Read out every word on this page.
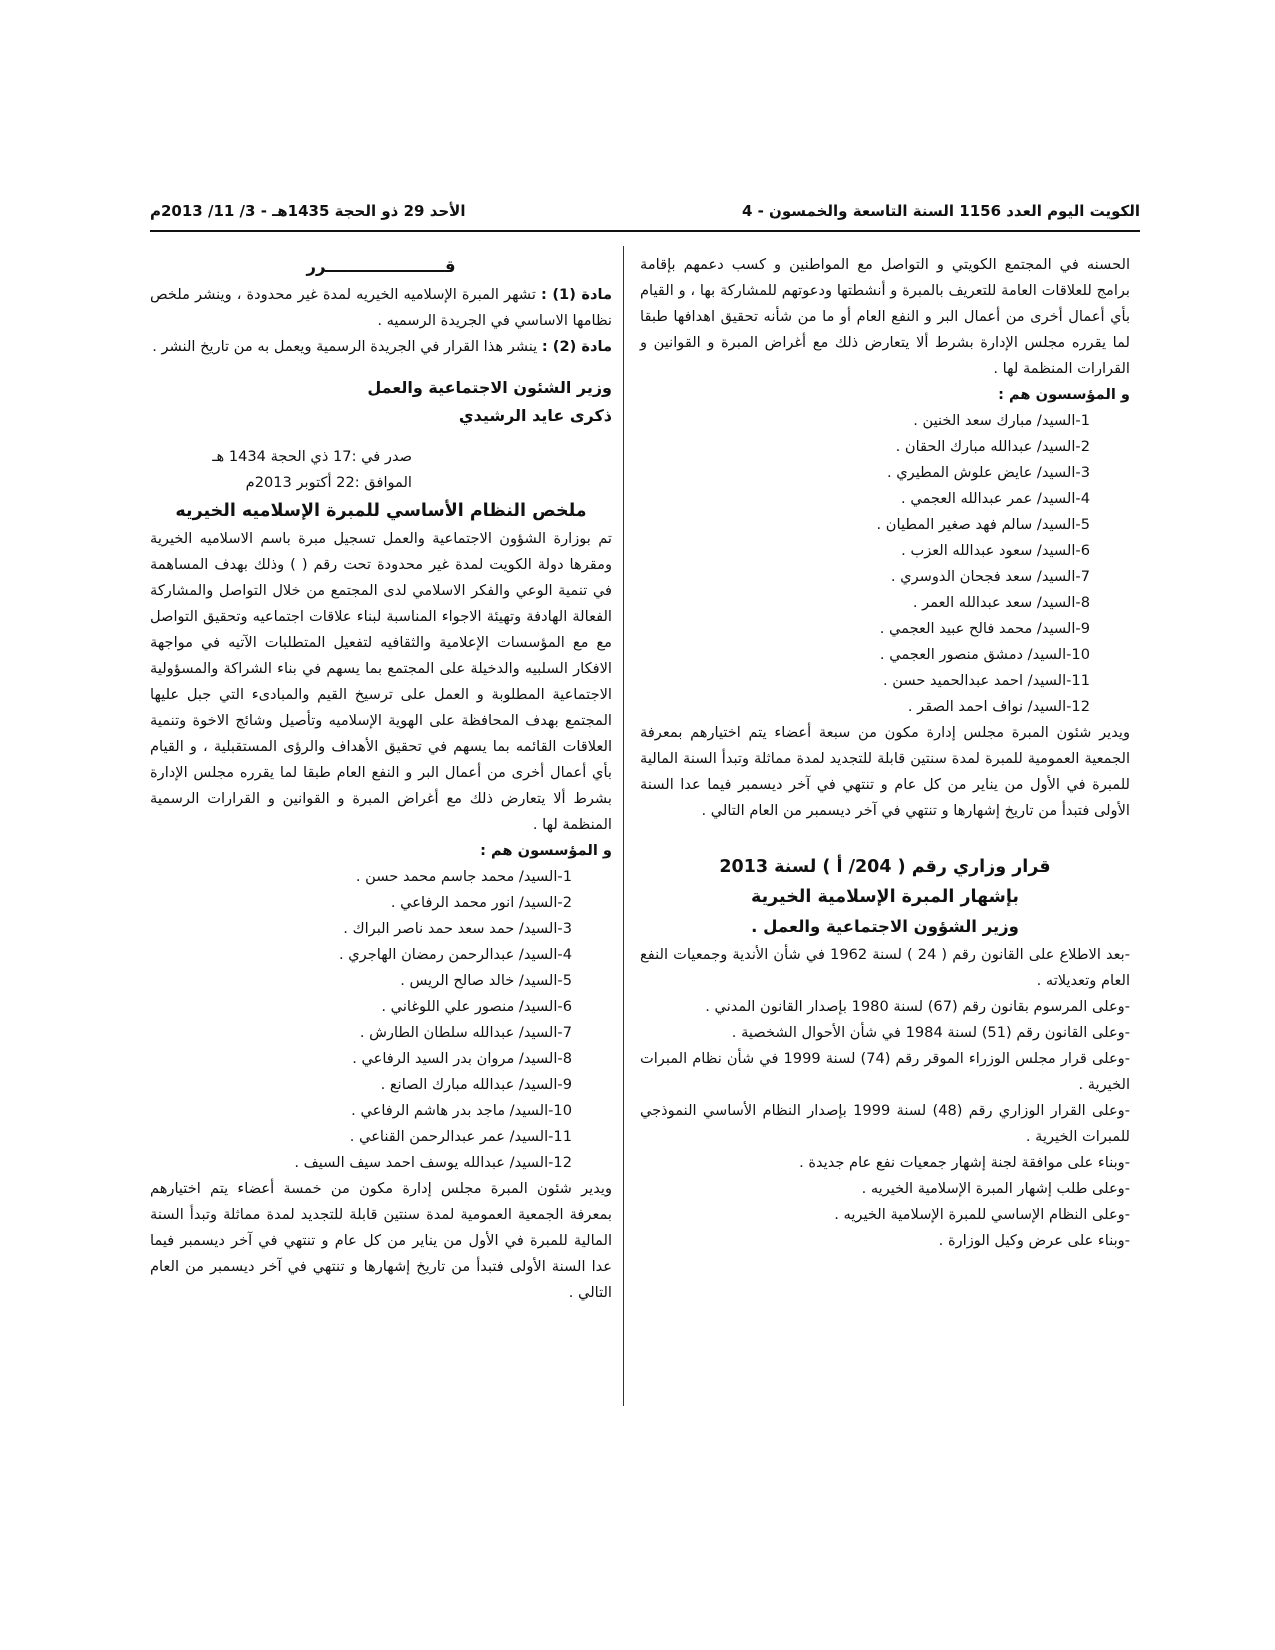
الكويت اليوم العدد 1156 السنة التاسعة والخمسون - 4
الأحد 29 ذو الحجة 1435هـ - 3/ 11/ 2013م

الحسنه في المجتمع الكويتي و التواصل مع المواطنين و كسب دعمهم بإقامة برامج للعلاقات العامة للتعريف بالمبرة و أنشطتها ودعوتهم للمشاركة بها ، و القيام بأي أعمال أخرى من أعمال البر و النفع العام أو ما من شأنه تحقيق اهدافها طبقا لما يقرره مجلس الإدارة بشرط ألا يتعارض ذلك مع أغراض المبرة و القوانين و القرارات المنظمة لها .

و المؤسسون هم :

1-السيد/ مبارك سعد الخنين .
2-السيد/ عبدالله مبارك الحقان .
3-السيد/ عايض علوش المطيري .
4-السيد/ عمر عبدالله العجمي .
5-السيد/ سالم فهد صغير المطيان .
6-السيد/ سعود عبدالله العزب .
7-السيد/ سعد فجحان الدوسري .
8-السيد/ سعد عبدالله العمر .
9-السيد/ محمد فالح عبيد العجمي .
10-السيد/ دمشق منصور العجمي .
11-السيد/ احمد عبدالحميد حسن .
12-السيد/ نواف احمد الصقر .

ويدير شئون المبرة مجلس إدارة مكون من سبعة أعضاء يتم اختيارهم بمعرفة الجمعية العمومية للمبرة لمدة سنتين قابلة للتجديد لمدة مماثلة وتبدأ السنة المالية للمبرة في الأول من يناير من كل عام و تنتهي في آخر ديسمبر فيما عدا السنة الأولى فتبدأ من تاريخ إشهارها و تنتهي في آخر ديسمبر من العام التالي .

قرار وزاري رقم ( 204/ أ ) لسنة 2013

بإشهار المبرة الإسلامية الخيرية

وزير الشؤون الاجتماعية والعمل .

-بعد الاطلاع على القانون رقم ( 24 ) لسنة 1962 في شأن الأندية وجمعيات النفع العام وتعديلاته .

-وعلى المرسوم بقانون رقم (67) لسنة 1980 بإصدار القانون المدني .

-وعلى القانون رقم (51) لسنة 1984 في شأن الأحوال الشخصية .

-وعلى قرار مجلس الوزراء الموقر رقم (74) لسنة 1999 في شأن نظام المبرات الخيرية .

-وعلى القرار الوزاري رقم (48) لسنة 1999 بإصدار النظام الأساسي النموذجي للمبرات الخيرية .

-وبناء على موافقة لجنة إشهار جمعيات نفع عام جديدة .

-وعلى طلب إشهار المبرة الإسلامية الخيريه .

-وعلى النظام الإساسي للمبرة الإسلامية الخيريه .

-وبناء على عرض وكيل الوزارة .

قـــــــــــــــــــــرر

مادة (1) : تشهر المبرة الإسلاميه الخيريه لمدة غير محدودة ، وينشر ملخص نظامها الاساسي في الجريدة الرسميه .

مادة (2) : ينشر هذا القرار في الجريدة الرسمية ويعمل به من تاريخ النشر .

وزير الشئون الاجتماعية والعمل

ذكرى عايد الرشيدي

صدر في :17 ذي الحجة 1434 هـ

الموافق :22 أكتوبر 2013م

ملخص النظام الأساسي للمبرة الإسلاميه الخيريه

تم بوزارة الشؤون الاجتماعية والعمل تسجيل مبرة باسم الاسلاميه الخيرية ومقرها دولة الكويت لمدة غير محدودة تحت رقم ( ) وذلك بهدف المساهمة في تنمية الوعي والفكر الاسلامي لدى المجتمع من خلال التواصل والمشاركة الفعالة الهادفة وتهيئة الاجواء المناسبة لبناء علاقات اجتماعيه وتحقيق التواصل مع مع المؤسسات الإعلامية والثقافيه لتفعيل المتطلبات الآتيه في مواجهة الافكار السلبيه والدخيلة على المجتمع بما يسهم في بناء الشراكة والمسؤولية الاجتماعية المطلوبة و العمل على ترسيخ القيم والمبادىء التي جبل عليها المجتمع بهدف المحافظة على الهوية الإسلاميه وتأصيل وشائج الاخوة وتنمية العلاقات القائمه بما يسهم في تحقيق الأهداف والرؤى المستقبلية ، و القيام بأي أعمال أخرى من أعمال البر و النفع العام طبقا لما يقرره مجلس الإدارة بشرط ألا يتعارض ذلك مع أغراض المبرة و القوانين و القرارات الرسمية المنظمة لها .

و المؤسسون هم :

1-السيد/ محمد جاسم محمد حسن .
2-السيد/ انور محمد الرفاعي .
3-السيد/ حمد سعد حمد ناصر البراك .
4-السيد/ عبدالرحمن رمضان الهاجري .
5-السيد/ خالد صالح الريس .
6-السيد/ منصور علي اللوغاني .
7-السيد/ عبدالله سلطان الطارش .
8-السيد/ مروان بدر السيد الرفاعي .
9-السيد/ عبدالله مبارك الصانع .
10-السيد/ ماجد بدر هاشم الرفاعي .
11-السيد/ عمر عبدالرحمن القناعي .
12-السيد/ عبدالله يوسف احمد سيف السيف .

ويدير شئون المبرة مجلس إدارة مكون من خمسة أعضاء يتم اختيارهم بمعرفة الجمعية العمومية لمدة سنتين قابلة للتجديد لمدة مماثلة وتبدأ السنة المالية للمبرة في الأول من يناير من كل عام و تنتهي في آخر ديسمبر فيما عدا السنة الأولى فتبدأ من تاريخ إشهارها و تنتهي في آخر ديسمبر من العام التالي .
